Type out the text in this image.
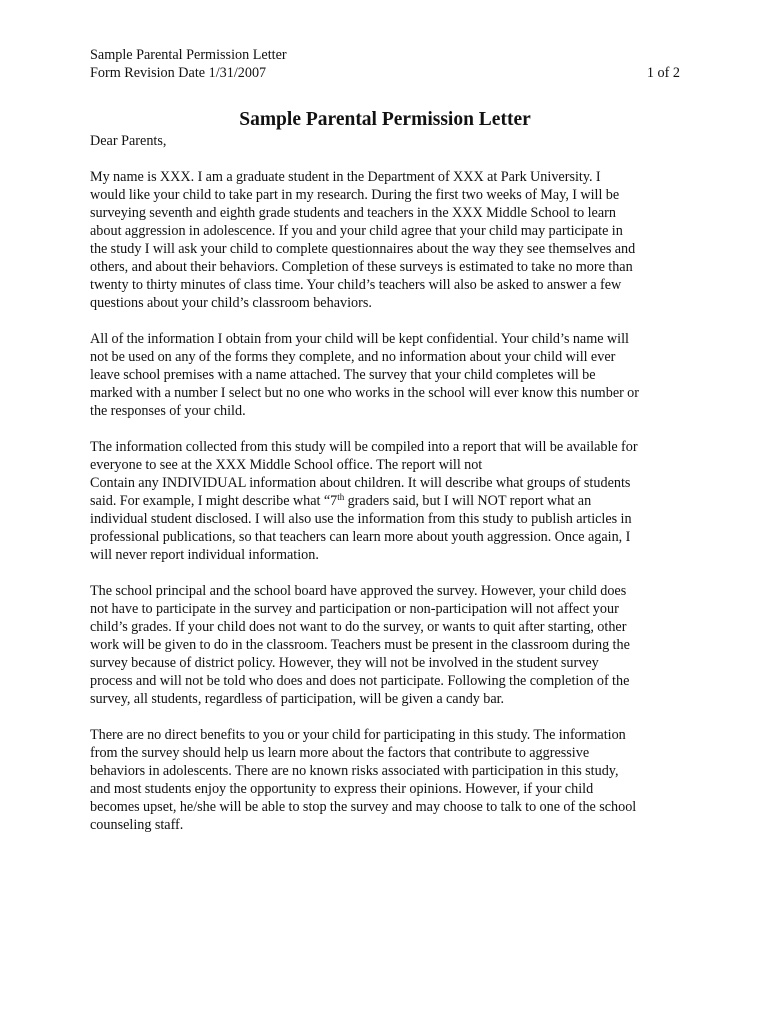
Sample Parental Permission Letter

Form Revision Date 1/31/2007	1 of 2
Sample Parental Permission Letter

Dear Parents,

My name is XXX. I am a graduate student in the Department of XXX at Park University. I
would like your child to take part in my research. During the first two weeks of May, I will be
surveying seventh and eighth grade students and teachers in the XXX Middle School to learn
about aggression in adolescence. If you and your child agree that your child may participate in
the study I will ask your child to complete questionnaires about the way they see themselves and
others, and about their behaviors. Completion of these surveys is estimated to take no more than
twenty to thirty minutes of class time. Your child’s teachers will also be asked to answer a few
questions about your child’s classroom behaviors.

All of the information I obtain from your child will be kept confidential. Your child’s name will
not be used on any of the forms they complete, and no information about your child will ever
leave school premises with a name attached. The survey that your child completes will be
marked with a number I select but no one who works in the school will ever know this number or
the responses of your child.

The information collected from this study will be compiled into a report that will be available for
everyone to see at the XXX Middle School office. The report will not
Contain any INDIVIDUAL information about children. It will describe what groups of students
said. For example, I might describe what “7th graders said, but I will NOT report what an
individual student disclosed. I will also use the information from this study to publish articles in
professional publications, so that teachers can learn more about youth aggression. Once again, I
will never report individual information.

The school principal and the school board have approved the survey. However, your child does
not have to participate in the survey and participation or non-participation will not affect your
child’s grades. If your child does not want to do the survey, or wants to quit after starting, other
work will be given to do in the classroom. Teachers must be present in the classroom during the
survey because of district policy. However, they will not be involved in the student survey
process and will not be told who does and does not participate. Following the completion of the
survey, all students, regardless of participation, will be given a candy bar.

There are no direct benefits to you or your child for participating in this study. The information
from the survey should help us learn more about the factors that contribute to aggressive
behaviors in adolescents. There are no known risks associated with participation in this study,
and most students enjoy the opportunity to express their opinions. However, if your child
becomes upset, he/she will be able to stop the survey and may choose to talk to one of the school
counseling staff.
